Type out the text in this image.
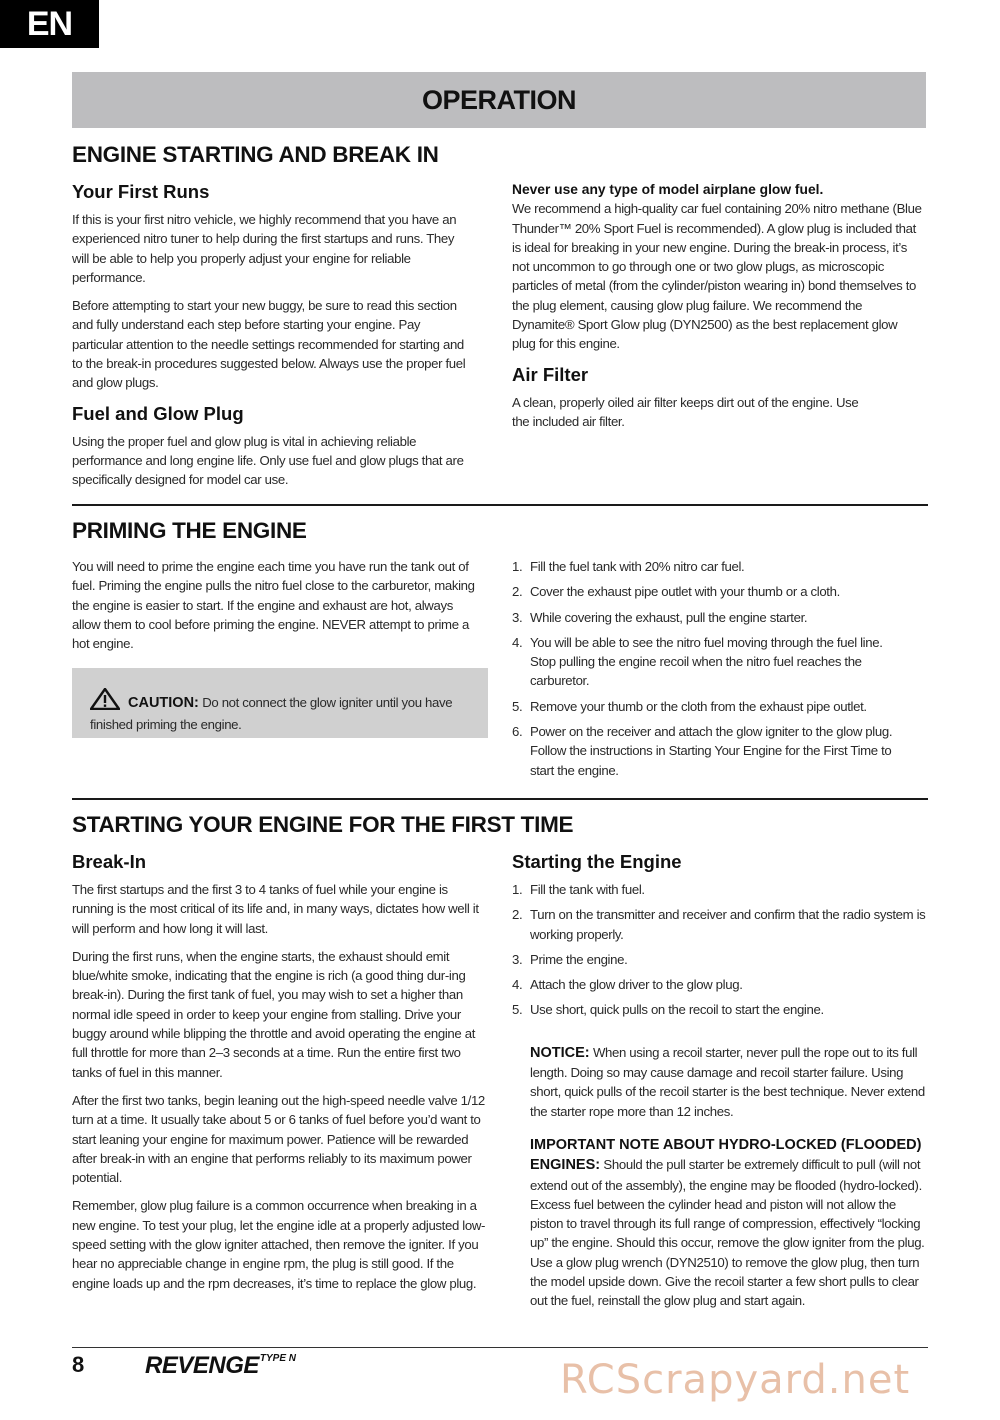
EN
OPERATION
ENGINE STARTING AND BREAK IN
Your First Runs
If this is your first nitro vehicle, we highly recommend that you have an experienced nitro tuner to help during the first startups and runs. They will be able to help you properly adjust your engine for reliable performance.
Before attempting to start your new buggy, be sure to read this section and fully understand each step before starting your engine. Pay particular attention to the needle settings recommended for starting and to the break-in procedures suggested below. Always use the proper fuel and glow plugs.
Fuel and Glow Plug
Using the proper fuel and glow plug is vital in achieving reliable performance and long engine life. Only use fuel and glow plugs that are specifically designed for model car use.
Never use any type of model airplane glow fuel.
We recommend a high-quality car fuel containing 20% nitro methane (Blue Thunder™ 20% Sport Fuel is recommended). A glow plug is included that is ideal for breaking in your new engine. During the break-in process, it’s not uncommon to go through one or two glow plugs, as microscopic particles of metal (from the cylinder/piston wearing in) bond themselves to the plug element, causing glow plug failure. We recommend the Dynamite® Sport Glow plug (DYN2500) as the best replacement glow plug for this engine.
Air Filter
A clean, properly oiled air filter keeps dirt out of the engine. Use the included air filter.
PRIMING THE ENGINE
You will need to prime the engine each time you have run the tank out of fuel. Priming the engine pulls the nitro fuel close to the carburetor, making the engine is easier to start. If the engine and exhaust are hot, always allow them to cool before priming the engine. NEVER attempt to prime a hot engine.
CAUTION: Do not connect the glow igniter until you have finished priming the engine.
1. Fill the fuel tank with 20% nitro car fuel.
2. Cover the exhaust pipe outlet with your thumb or a cloth.
3. While covering the exhaust, pull the engine starter.
4. You will be able to see the nitro fuel moving through the fuel line. Stop pulling the engine recoil when the nitro fuel reaches the carburetor.
5. Remove your thumb or the cloth from the exhaust pipe outlet.
6. Power on the receiver and attach the glow igniter to the glow plug. Follow the instructions in Starting Your Engine for the First Time to start the engine.
STARTING YOUR ENGINE FOR THE FIRST TIME
Break-In
The first startups and the first 3 to 4 tanks of fuel while your engine is running is the most critical of its life and, in many ways, dictates how well it will perform and how long it will last.
During the first runs, when the engine starts, the exhaust should emit blue/white smoke, indicating that the engine is rich (a good thing dur-ing break-in). During the first tank of fuel, you may wish to set a higher than normal idle speed in order to keep your engine from stalling. Drive your buggy around while blipping the throttle and avoid operating the engine at full throttle for more than 2–3 seconds at a time. Run the entire first two tanks of fuel in this manner.
After the first two tanks, begin leaning out the high-speed needle valve 1/12 turn at a time. It usually take about 5 or 6 tanks of fuel before you’d want to start leaning your engine for maximum power. Patience will be rewarded after break-in with an engine that performs reliably to its maximum power potential.
Remember, glow plug failure is a common occurrence when breaking in a new engine. To test your plug, let the engine idle at a properly adjusted low-speed setting with the glow igniter attached, then remove the igniter. If you hear no appreciable change in engine rpm, the plug is still good. If the engine loads up and the rpm decreases, it’s time to replace the glow plug.
Starting the Engine
1. Fill the tank with fuel.
2. Turn on the transmitter and receiver and confirm that the radio system is working properly.
3. Prime the engine.
4. Attach the glow driver to the glow plug.
5. Use short, quick pulls on the recoil to start the engine.
NOTICE: When using a recoil starter, never pull the rope out to its full length. Doing so may cause damage and recoil starter failure. Using short, quick pulls of the recoil starter is the best technique. Never extend the starter rope more than 12 inches.
IMPORTANT NOTE ABOUT HYDRO-LOCKED (FLOODED) ENGINES: Should the pull starter be extremely difficult to pull (will not extend out of the assembly), the engine may be flooded (hydro-locked). Excess fuel between the cylinder head and piston will not allow the piston to travel through its full range of compression, effectively “locking up” the engine. Should this occur, remove the glow igniter from the plug. Use a glow plug wrench (DYN2510) to remove the glow plug, then turn the model upside down. Give the recoil starter a few short pulls to clear out the fuel, reinstall the glow plug and start again.
8	$REVENGE^{TYPE N}$	RCScrapyard.net
